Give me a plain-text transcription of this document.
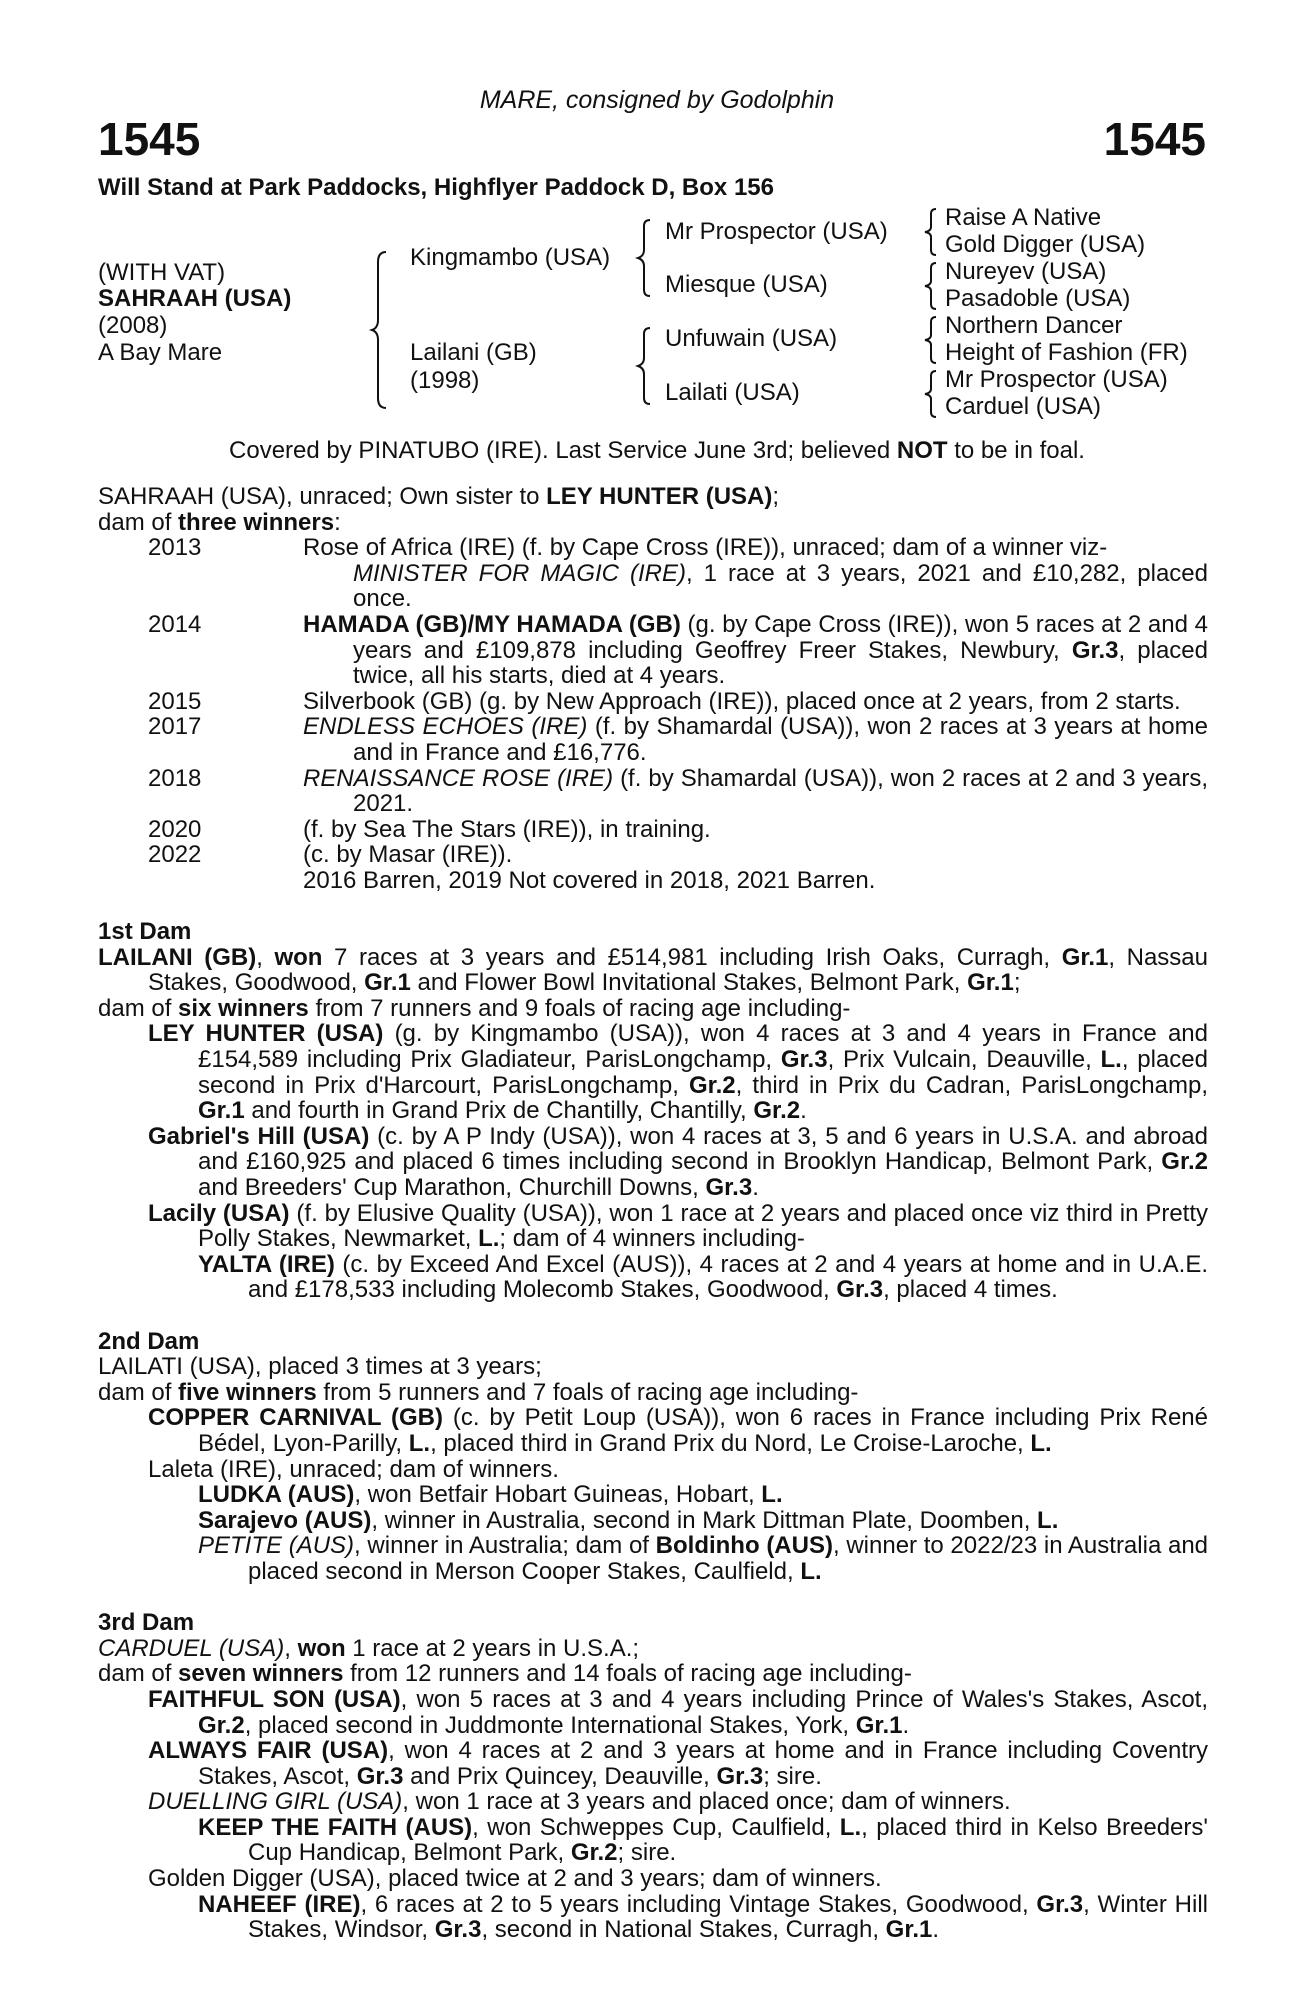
MARE, consigned by Godolphin
1545	1545
Will Stand at Park Paddocks, Highflyer Paddock D, Box 156
(WITH VAT)
SAHRAAH (USA)
(2008)
A Bay Mare
Kingmambo (USA)
Lailani (GB)
(1998)
Mr Prospector (USA)
Miesque (USA)
Unfuwain (USA)
Lailati (USA)
Raise A Native
Gold Digger (USA)
Nureyev (USA)
Pasadoble (USA)
Northern Dancer
Height of Fashion (FR)
Mr Prospector (USA)
Carduel (USA)
Covered by PINATUBO (IRE). Last Service June 3rd; believed NOT to be in foal.

SAHRAAH (USA), unraced; Own sister to LEY HUNTER (USA);

dam of three winners:

2013	Rose of Africa (IRE) (f. by Cape Cross (IRE)), unraced; dam of a winner viz-
MINISTER FOR MAGIC (IRE), 1 race at 3 years, 2021 and £10,282, placed once.
2014	HAMADA (GB)/MY HAMADA (GB) (g. by Cape Cross (IRE)), won 5 races at 2 and 4 years and £109,878 including Geoffrey Freer Stakes, Newbury, Gr.3, placed twice, all his starts, died at 4 years.
2015	Silverbook (GB) (g. by New Approach (IRE)), placed once at 2 years, from 2 starts.
2017	ENDLESS ECHOES (IRE) (f. by Shamardal (USA)), won 2 races at 3 years at home and in France and £16,776.
2018	RENAISSANCE ROSE (IRE) (f. by Shamardal (USA)), won 2 races at 2 and 3 years, 2021.
2020	(f. by Sea The Stars (IRE)), in training.
2022	(c. by Masar (IRE)).
2016 Barren, 2019 Not covered in 2018, 2021 Barren.

1st Dam

LAILANI (GB), won 7 races at 3 years and £514,981 including Irish Oaks, Curragh, Gr.1, Nassau Stakes, Goodwood, Gr.1 and Flower Bowl Invitational Stakes, Belmont Park, Gr.1;

dam of six winners from 7 runners and 9 foals of racing age including-

LEY HUNTER (USA) (g. by Kingmambo (USA)), won 4 races at 3 and 4 years in France and £154,589 including Prix Gladiateur, ParisLongchamp, Gr.3, Prix Vulcain, Deauville, L., placed second in Prix d'Harcourt, ParisLongchamp, Gr.2, third in Prix du Cadran, ParisLongchamp, Gr.1 and fourth in Grand Prix de Chantilly, Chantilly, Gr.2.

Gabriel's Hill (USA) (c. by A P Indy (USA)), won 4 races at 3, 5 and 6 years in U.S.A. and abroad and £160,925 and placed 6 times including second in Brooklyn Handicap, Belmont Park, Gr.2 and Breeders' Cup Marathon, Churchill Downs, Gr.3.

Lacily (USA) (f. by Elusive Quality (USA)), won 1 race at 2 years and placed once viz third in Pretty Polly Stakes, Newmarket, L.; dam of 4 winners including-

YALTA (IRE) (c. by Exceed And Excel (AUS)), 4 races at 2 and 4 years at home and in U.A.E. and £178,533 including Molecomb Stakes, Goodwood, Gr.3, placed 4 times.

2nd Dam

LAILATI (USA), placed 3 times at 3 years;

dam of five winners from 5 runners and 7 foals of racing age including-

COPPER CARNIVAL (GB) (c. by Petit Loup (USA)), won 6 races in France including Prix René Bédel, Lyon-Parilly, L., placed third in Grand Prix du Nord, Le Croise-Laroche, L.

Laleta (IRE), unraced; dam of winners.

LUDKA (AUS), won Betfair Hobart Guineas, Hobart, L.

Sarajevo (AUS), winner in Australia, second in Mark Dittman Plate, Doomben, L.

PETITE (AUS), winner in Australia; dam of Boldinho (AUS), winner to 2022/23 in Australia and placed second in Merson Cooper Stakes, Caulfield, L.

3rd Dam

CARDUEL (USA), won 1 race at 2 years in U.S.A.;

dam of seven winners from 12 runners and 14 foals of racing age including-

FAITHFUL SON (USA), won 5 races at 3 and 4 years including Prince of Wales's Stakes, Ascot, Gr.2, placed second in Juddmonte International Stakes, York, Gr.1.

ALWAYS FAIR (USA), won 4 races at 2 and 3 years at home and in France including Coventry Stakes, Ascot, Gr.3 and Prix Quincey, Deauville, Gr.3; sire.

DUELLING GIRL (USA), won 1 race at 3 years and placed once; dam of winners.

KEEP THE FAITH (AUS), won Schweppes Cup, Caulfield, L., placed third in Kelso Breeders' Cup Handicap, Belmont Park, Gr.2; sire.

Golden Digger (USA), placed twice at 2 and 3 years; dam of winners.

NAHEEF (IRE), 6 races at 2 to 5 years including Vintage Stakes, Goodwood, Gr.3, Winter Hill Stakes, Windsor, Gr.3, second in National Stakes, Curragh, Gr.1.
